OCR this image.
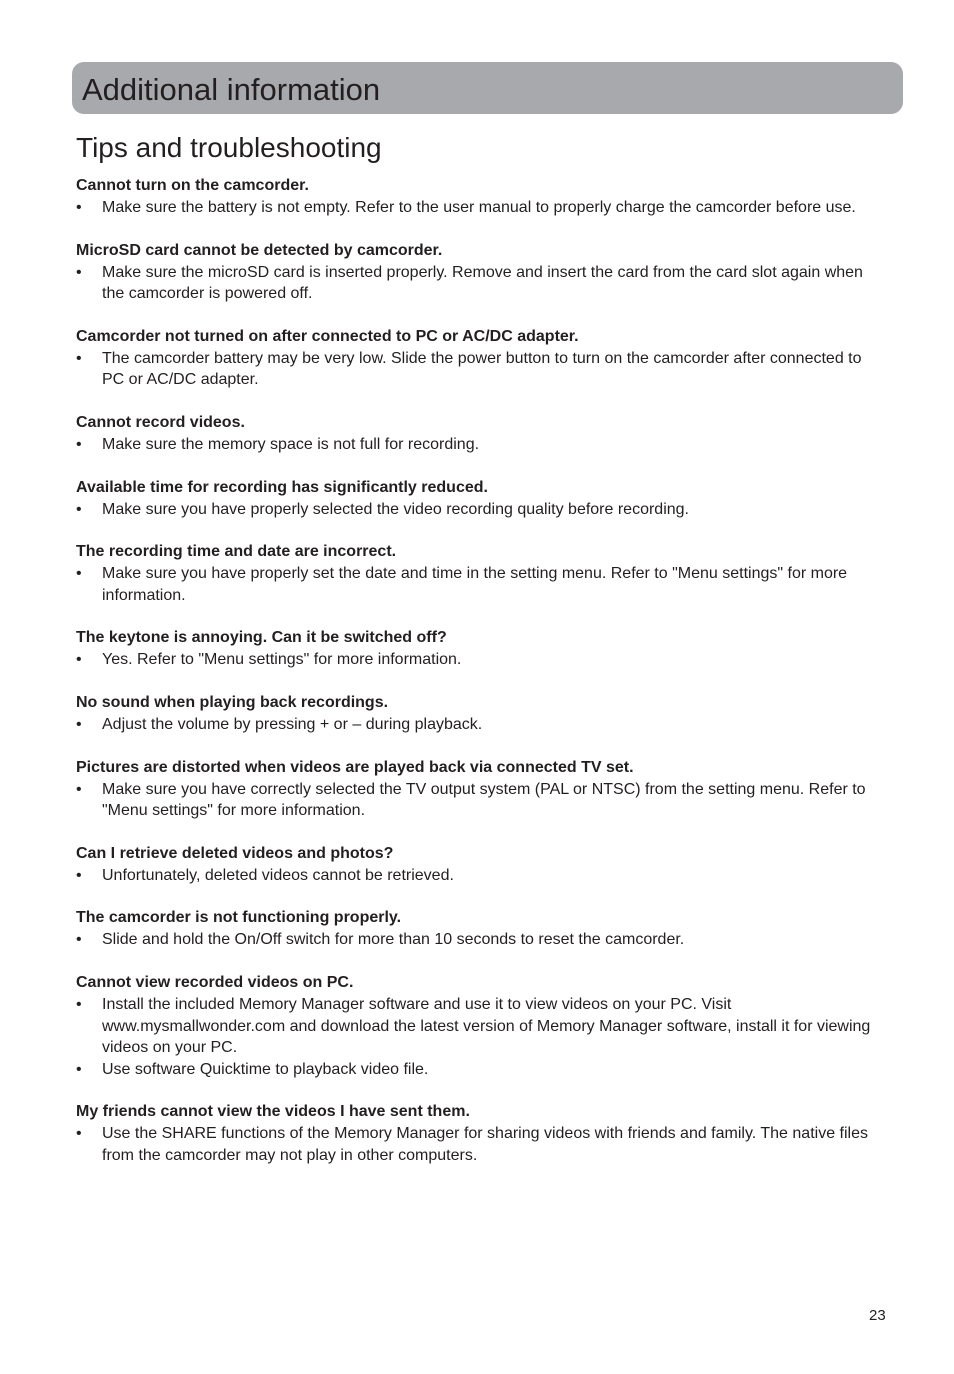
Additional information
Tips and troubleshooting
Cannot turn on the camcorder.
• Make sure the battery is not empty. Refer to the user manual to properly charge the camcorder before use.
MicroSD card cannot be detected by camcorder.
• Make sure the microSD card is inserted properly. Remove and insert the card from the card slot again when the camcorder is powered off.
Camcorder not turned on after connected to PC or AC/DC adapter.
• The camcorder battery may be very low. Slide the power button to turn on the camcorder after connected to PC or AC/DC adapter.
Cannot record videos.
• Make sure the memory space is not full for recording.
Available time for recording has significantly reduced.
• Make sure you have properly selected the video recording quality before recording.
The recording time and date are incorrect.
• Make sure you have properly set the date and time in the setting menu. Refer to "Menu settings" for more information.
The keytone is annoying. Can it be switched off?
• Yes. Refer to "Menu settings" for more information.
No sound when playing back recordings.
• Adjust the volume by pressing + or – during playback.
Pictures are distorted when videos are played back via connected TV set.
• Make sure you have correctly selected the TV output system (PAL or NTSC) from the setting menu. Refer to "Menu settings" for more information.
Can I retrieve deleted videos and photos?
• Unfortunately, deleted videos cannot be retrieved.
The camcorder is not functioning properly.
• Slide and hold the On/Off switch for more than 10 seconds to reset the camcorder.
Cannot view recorded videos on PC.
• Install the included Memory Manager software and use it to view videos on your PC. Visit www.mysmallwonder.com and download the latest version of Memory Manager software, install it for viewing videos on your PC.
• Use software Quicktime to playback video file.
My friends cannot view the videos I have sent them.
• Use the SHARE functions of the Memory Manager for sharing videos with friends and family. The native files from the camcorder may not play in other computers.
23
